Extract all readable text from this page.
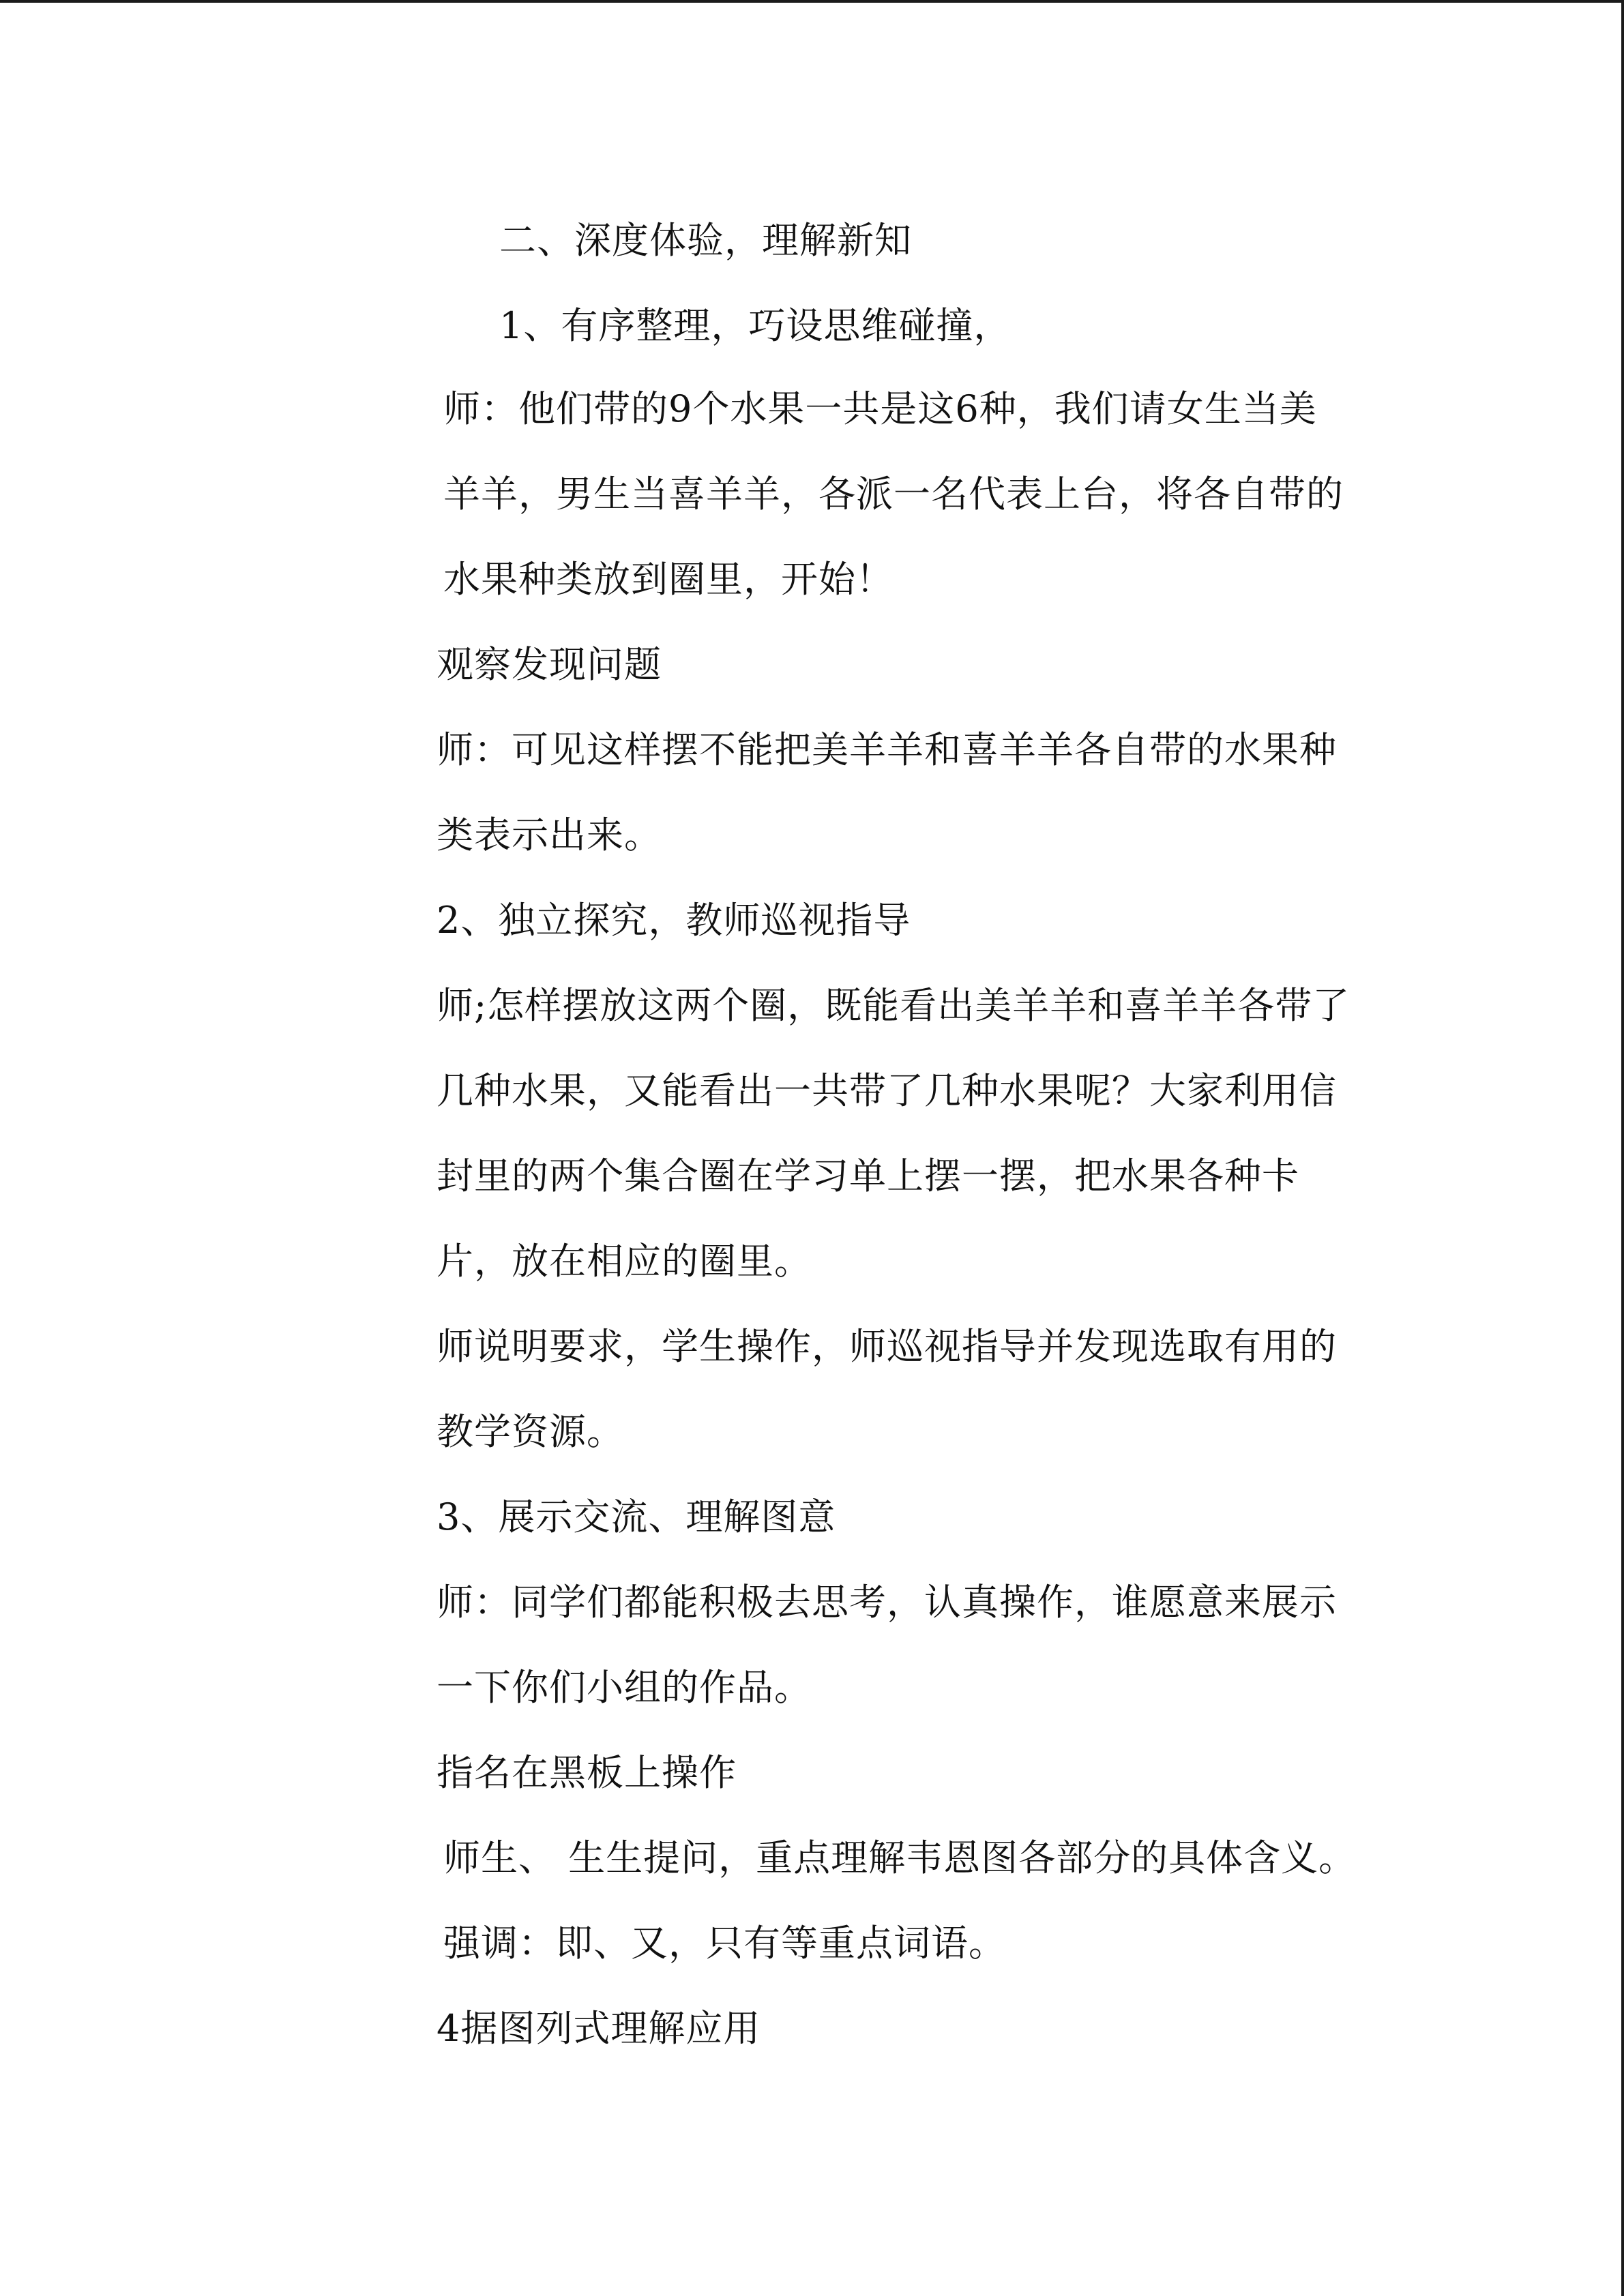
二、深度体验，理解新知
1、有序整理，巧设思维碰撞，
师：他们带的9个水果一共是这6种，我们请女生当美
羊羊，男生当喜羊羊，各派一名代表上台，将各自带的
水果种类放到圈里，开始！
观察发现问题
师：可见这样摆不能把美羊羊和喜羊羊各自带的水果种
类表示出来。
2、独立探究，教师巡视指导
师;怎样摆放这两个圈，既能看出美羊羊和喜羊羊各带了
几种水果，又能看出一共带了几种水果呢？大家利用信
封里的两个集合圈在学习单上摆一摆，把水果各种卡
片，放在相应的圈里。
师说明要求，学生操作，师巡视指导并发现选取有用的
教学资源。
3、展示交流、理解图意
师：同学们都能积极去思考，认真操作，谁愿意来展示
一下你们小组的作品。
指名在黑板上操作
师生、 生生提问，重点理解韦恩图各部分的具体含义。
强调：即、又，只有等重点词语。
4据图列式理解应用
